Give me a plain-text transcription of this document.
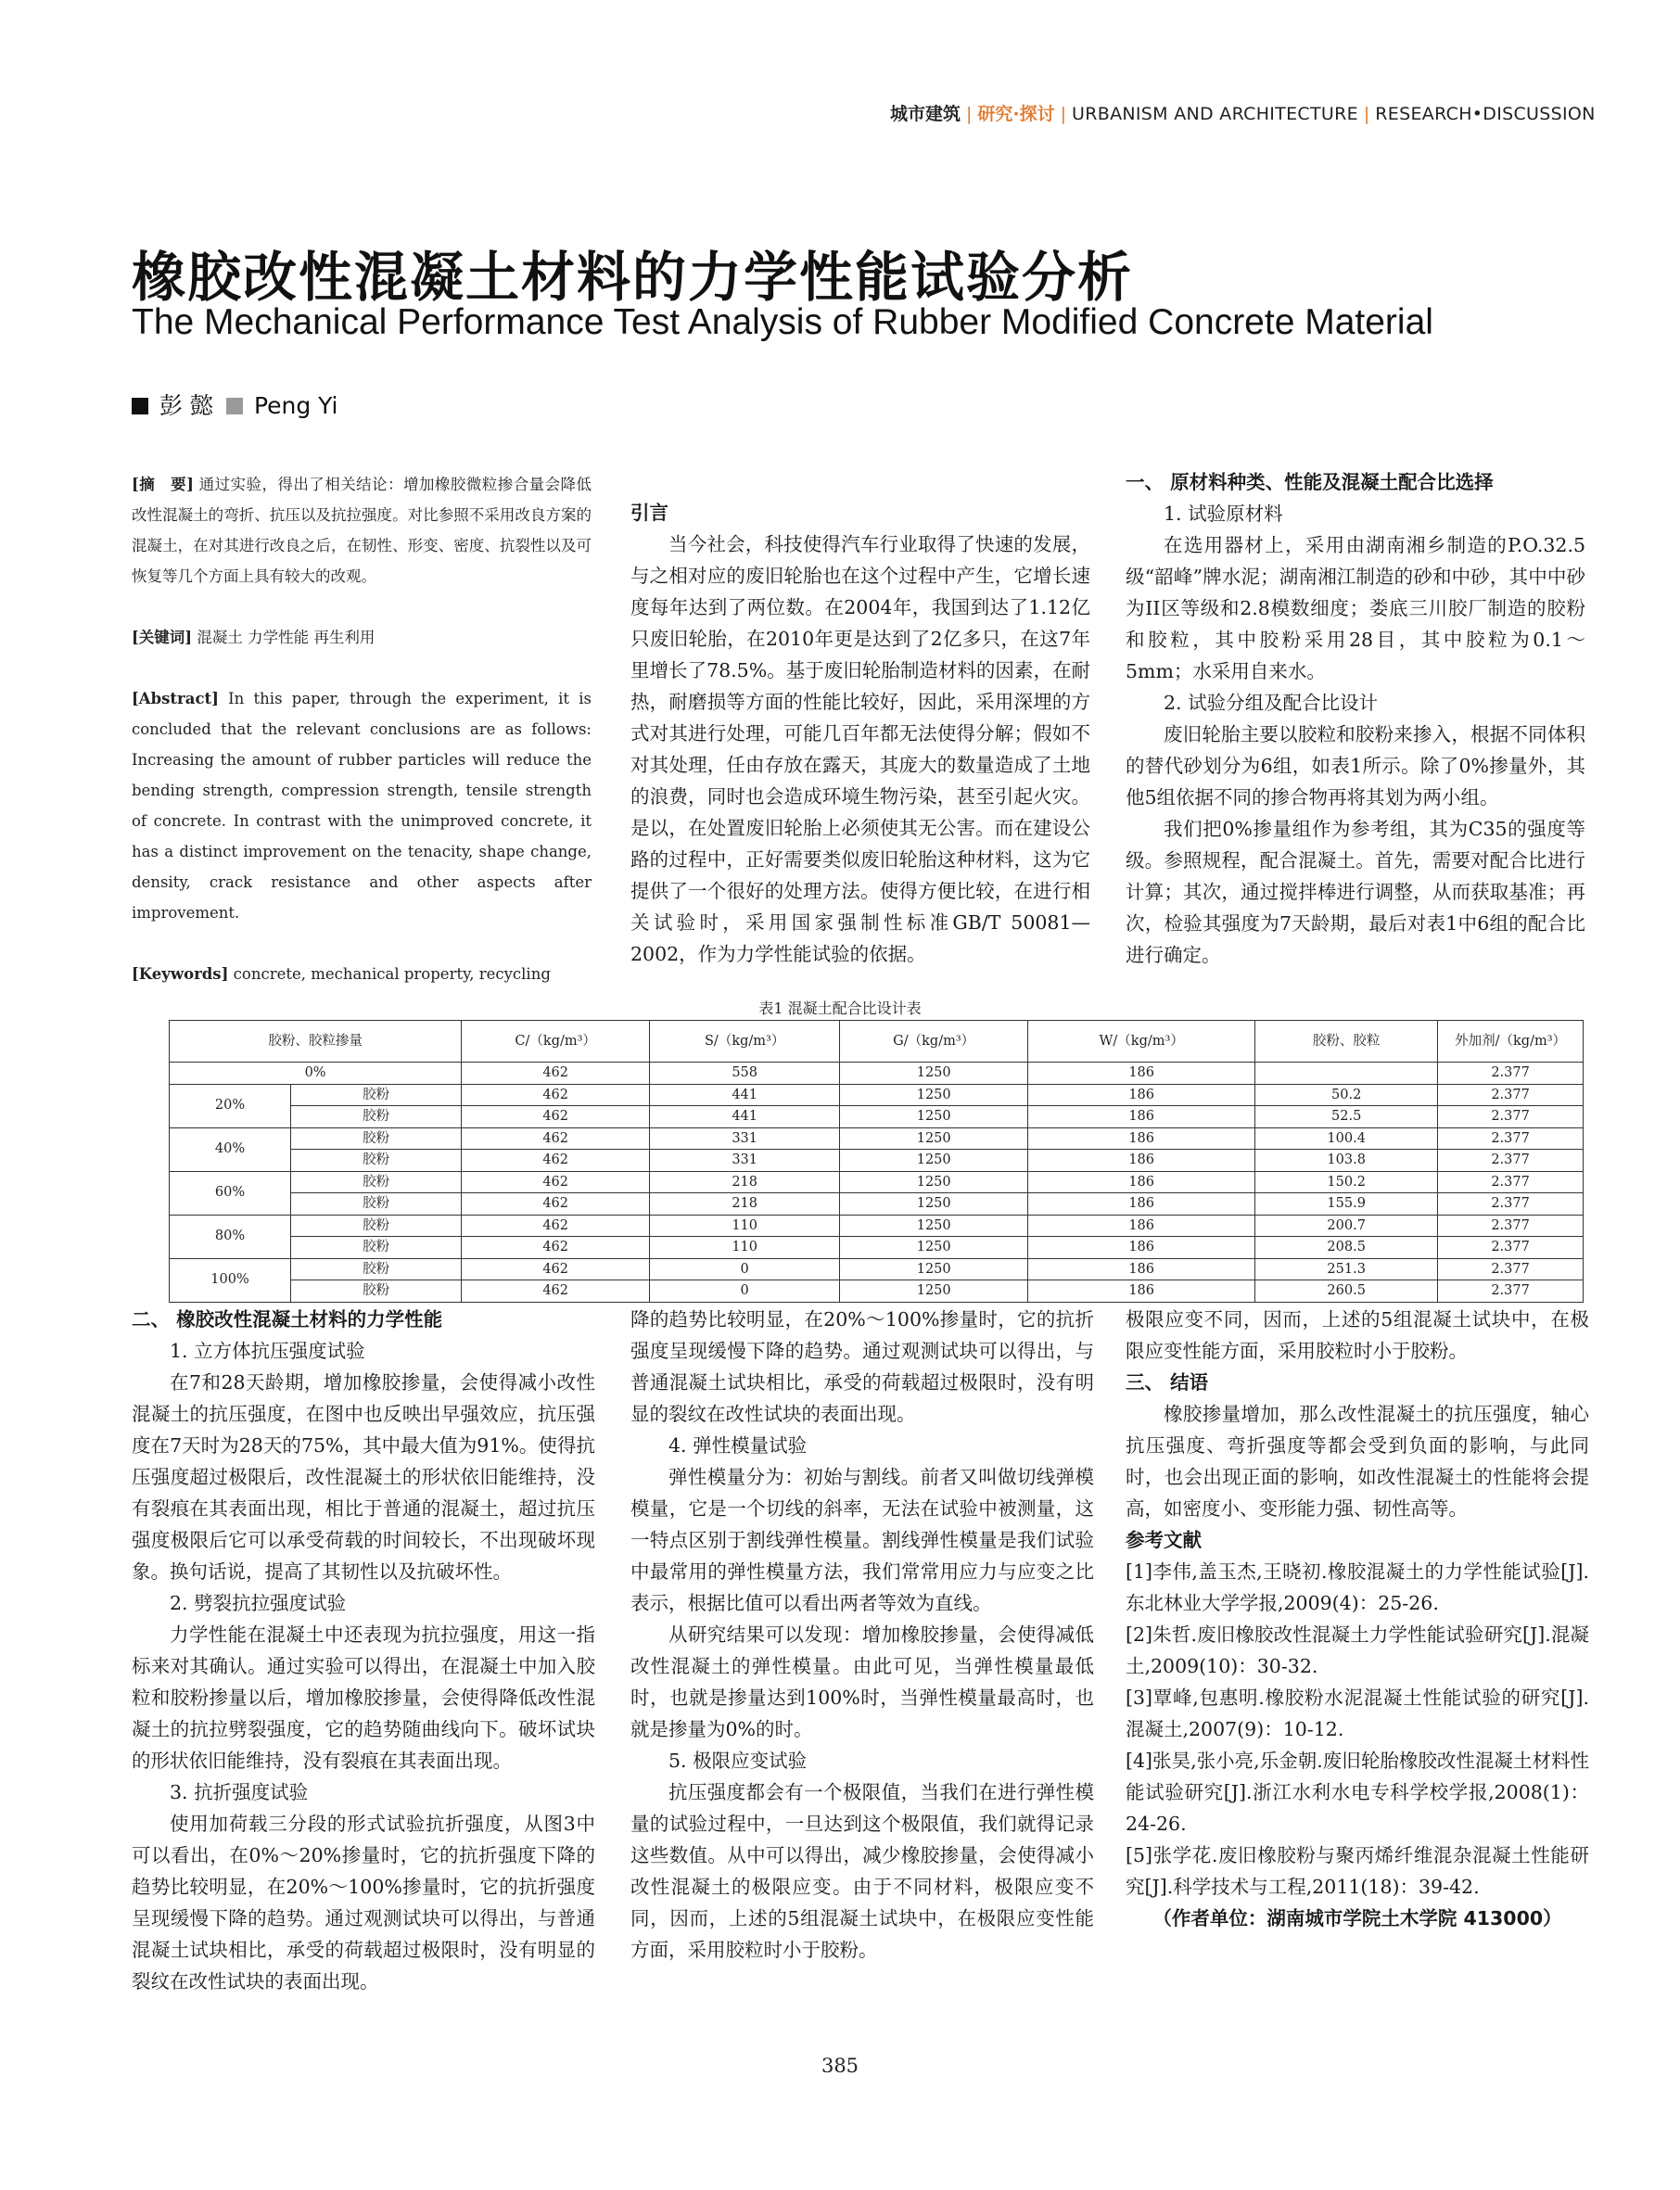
城市建筑 | 研究·探讨 | URBANISM AND ARCHITECTURE | RESEARCH•DISCUSSION
橡胶改性混凝土材料的力学性能试验分析
The Mechanical Performance Test Analysis of Rubber Modified Concrete Material
彭 懿 Peng Yi

[摘　要] 通过实验，得出了相关结论：增加橡胶微粒掺合量会降低改性混凝土的弯折、抗压以及抗拉强度。对比参照不采用改良方案的混凝土，在对其进行改良之后，在韧性、形变、密度、抗裂性以及可恢复等几个方面上具有较大的改观。

[关键词] 混凝土 力学性能 再生利用

[Abstract] In this paper, through the experiment, it is concluded that the relevant conclusions are as follows: Increasing the amount of rubber particles will reduce the bending strength, compression strength, tensile strength of concrete. In contrast with the unimproved concrete, it has a distinct improvement on the tenacity, shape change, density, crack resistance and other aspects after improvement.

[Keywords] concrete, mechanical property, recycling

引言

当今社会，科技使得汽车行业取得了快速的发展，与之相对应的废旧轮胎也在这个过程中产生，它增长速度每年达到了两位数。在2004年，我国到达了1.12亿只废旧轮胎，在2010年更是达到了2亿多只，在这7年里增长了78.5%。基于废旧轮胎制造材料的因素，在耐热，耐磨损等方面的性能比较好，因此，采用深埋的方式对其进行处理，可能几百年都无法使得分解；假如不对其处理，任由存放在露天，其庞大的数量造成了土地的浪费，同时也会造成环境生物污染，甚至引起火灾。是以，在处置废旧轮胎上必须使其无公害。而在建设公路的过程中，正好需要类似废旧轮胎这种材料，这为它提供了一个很好的处理方法。使得方便比较，在进行相关试验时，采用国家强制性标准GB/T 50081—2002，作为力学性能试验的依据。

一、 原材料种类、性能及混凝土配合比选择

1. 试验原材料

在选用器材上，采用由湖南湘乡制造的P.O.32.5级“韶峰”牌水泥；湖南湘江制造的砂和中砂，其中中砂为II区等级和2.8模数细度；娄底三川胶厂制造的胶粉和胶粒，其中胶粉采用28目，其中胶粒为0.1～5mm；水采用自来水。

2. 试验分组及配合比设计

废旧轮胎主要以胶粒和胶粉来掺入，根据不同体积的替代砂划分为6组，如表1所示。除了0%掺量外，其他5组依据不同的掺合物再将其划为两小组。

我们把0%掺量组作为参考组，其为C35的强度等级。参照规程，配合混凝土。首先，需要对配合比进行计算；其次，通过搅拌棒进行调整，从而获取基准；再次，检验其强度为7天龄期，最后对表1中6组的配合比进行确定。

表1 混凝土配合比设计表
胶粉、胶粒掺量		C/（kg/m³）	S/（kg/m³）	G/（kg/m³）	W/（kg/m³）	胶粉、胶粒	外加剂/（kg/m³）
0%		462	558	1250	186		2.377
20%	胶粉	462	441	1250	186	50.2	2.377
	胶粉	462	441	1250	186	52.5	2.377
40%	胶粉	462	331	1250	186	100.4	2.377
	胶粉	462	331	1250	186	103.8	2.377
60%	胶粉	462	218	1250	186	150.2	2.377
	胶粉	462	218	1250	186	155.9	2.377
80%	胶粉	462	110	1250	186	200.7	2.377
	胶粉	462	110	1250	186	208.5	2.377
100%	胶粉	462	0	1250	186	251.3	2.377
	胶粉	462	0	1250	186	260.5	2.377

二、 橡胶改性混凝土材料的力学性能

1. 立方体抗压强度试验

在7和28天龄期，增加橡胶掺量，会使得减小改性混凝土的抗压强度，在图中也反映出早强效应，抗压强度在7天时为28天的75%，其中最大值为91%。使得抗压强度超过极限后，改性混凝土的形状依旧能维持，没有裂痕在其表面出现，相比于普通的混凝土，超过抗压强度极限后它可以承受荷载的时间较长，不出现破坏现象。换句话说，提高了其韧性以及抗破坏性。

2. 劈裂抗拉强度试验

力学性能在混凝土中还表现为抗拉强度，用这一指标来对其确认。通过实验可以得出，在混凝土中加入胶粒和胶粉掺量以后，增加橡胶掺量，会使得降低改性混凝土的抗拉劈裂强度，它的趋势随曲线向下。破坏试块的形状依旧能维持，没有裂痕在其表面出现。

3. 抗折强度试验

使用加荷载三分段的形式试验抗折强度，从图3中可以看出，在0%～20%掺量时，它的抗折强度下降的趋势比较明显，在20%～100%掺量时，它的抗折强度呈现缓慢下降的趋势。通过观测试块可以得出，与普通混凝土试块相比，承受的荷载超过极限时，没有明显的裂纹在改性试块的表面出现。

降的趋势比较明显，在20%～100%掺量时，它的抗折强度呈现缓慢下降的趋势。通过观测试块可以得出，与普通混凝土试块相比，承受的荷载超过极限时，没有明显的裂纹在改性试块的表面出现。

4. 弹性模量试验

弹性模量分为：初始与割线。前者又叫做切线弹模模量，它是一个切线的斜率，无法在试验中被测量，这一特点区别于割线弹性模量。割线弹性模量是我们试验中最常用的弹性模量方法，我们常常用应力与应变之比表示，根据比值可以看出两者等效为直线。

从研究结果可以发现：增加橡胶掺量，会使得减低改性混凝土的弹性模量。由此可见，当弹性模量最低时，也就是掺量达到100%时，当弹性模量最高时，也就是掺量为0%的时。

5. 极限应变试验

抗压强度都会有一个极限值，当我们在进行弹性模量的试验过程中，一旦达到这个极限值，我们就得记录这些数值。从中可以得出，减少橡胶掺量，会使得减小改性混凝土的极限应变。由于不同材料，极限应变不同，因而，上述的5组混凝土试块中，在极限应变性能方面，采用胶粒时小于胶粉。

极限应变不同，因而，上述的5组混凝土试块中，在极限应变性能方面，采用胶粒时小于胶粉。

三、 结语

橡胶掺量增加，那么改性混凝土的抗压强度，轴心抗压强度、弯折强度等都会受到负面的影响，与此同时，也会出现正面的影响，如改性混凝土的性能将会提高，如密度小、变形能力强、韧性高等。

参考文献

[1]李伟,盖玉杰,王晓初.橡胶混凝土的力学性能试验[J].东北林业大学学报,2009(4)：25-26.

[2]朱哲.废旧橡胶改性混凝土力学性能试验研究[J].混凝土,2009(10)：30-32.

[3]覃峰,包惠明.橡胶粉水泥混凝土性能试验的研究[J].混凝土,2007(9)：10-12.

[4]张昊,张小亮,乐金朝.废旧轮胎橡胶改性混凝土材料性能试验研究[J].浙江水利水电专科学校学报,2008(1)：24-26.

[5]张学花.废旧橡胶粉与聚丙烯纤维混杂混凝土性能研究[J].科学技术与工程,2011(18)：39-42.

（作者单位：湖南城市学院土木学院 413000）

385
